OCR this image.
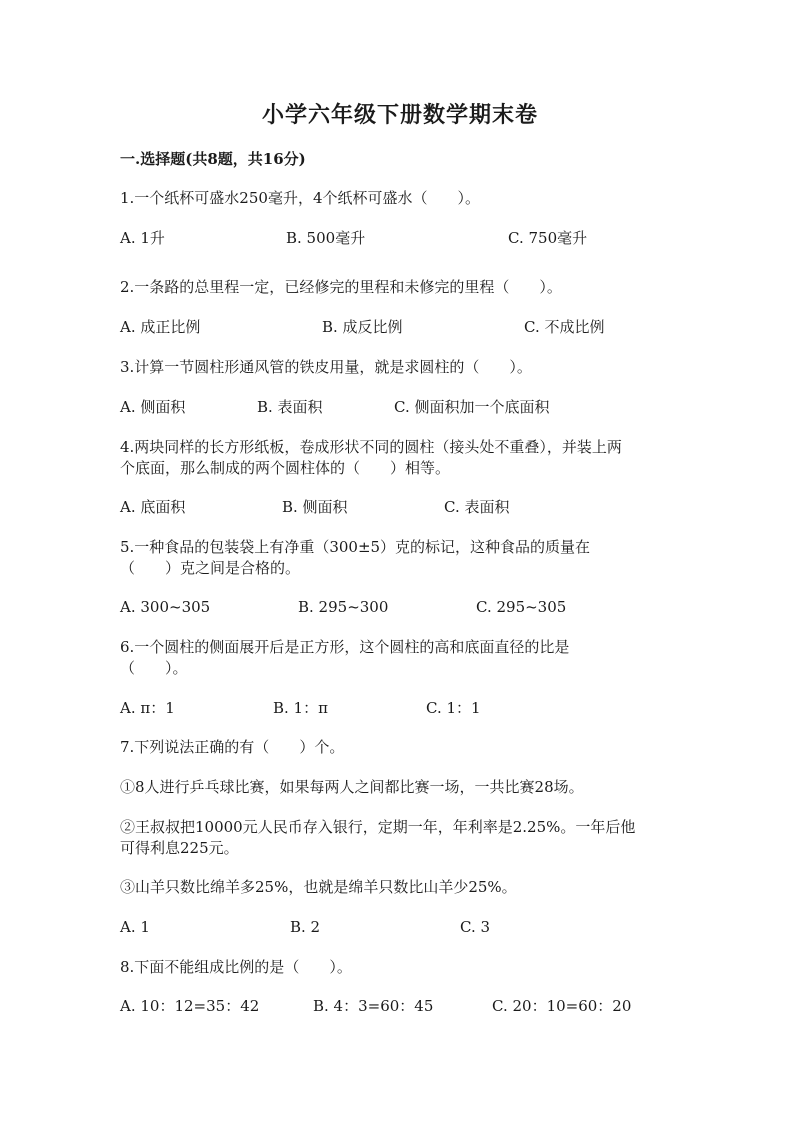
小学六年级下册数学期末卷
一.选择题(共8题，共16分)
1.一个纸杯可盛水250毫升，4个纸杯可盛水（　　）。
A. 1升	B. 500毫升	C. 750毫升
2.一条路的总里程一定，已经修完的里程和未修完的里程（　　）。
A. 成正比例	B. 成反比例	C. 不成比例
3.计算一节圆柱形通风管的铁皮用量，就是求圆柱的（　　）。
A. 侧面积	B. 表面积	C. 侧面积加一个底面积
4.两块同样的长方形纸板，卷成形状不同的圆柱（接头处不重叠），并装上两
个底面，那么制成的两个圆柱体的（　　）相等。
A. 底面积	B. 侧面积	C. 表面积
5.一种食品的包装袋上有净重（300±5）克的标记，这种食品的质量在
（　　）克之间是合格的。
A. 300~305	B. 295~300	C. 295~305
6.一个圆柱的侧面展开后是正方形，这个圆柱的高和底面直径的比是
（　　）。
A. π：1	B. 1：π	C. 1：1
7.下列说法正确的有（　　）个。
①8人进行乒乓球比赛，如果每两人之间都比赛一场，一共比赛28场。
②王叔叔把10000元人民币存入银行，定期一年，年利率是2.25%。一年后他
可得利息225元。
③山羊只数比绵羊多25%，也就是绵羊只数比山羊少25%。
A. 1	B. 2	C. 3
8.下面不能组成比例的是（　　）。
A. 10：12=35：42	B. 4：3=60：45	C. 20：10=60：20
